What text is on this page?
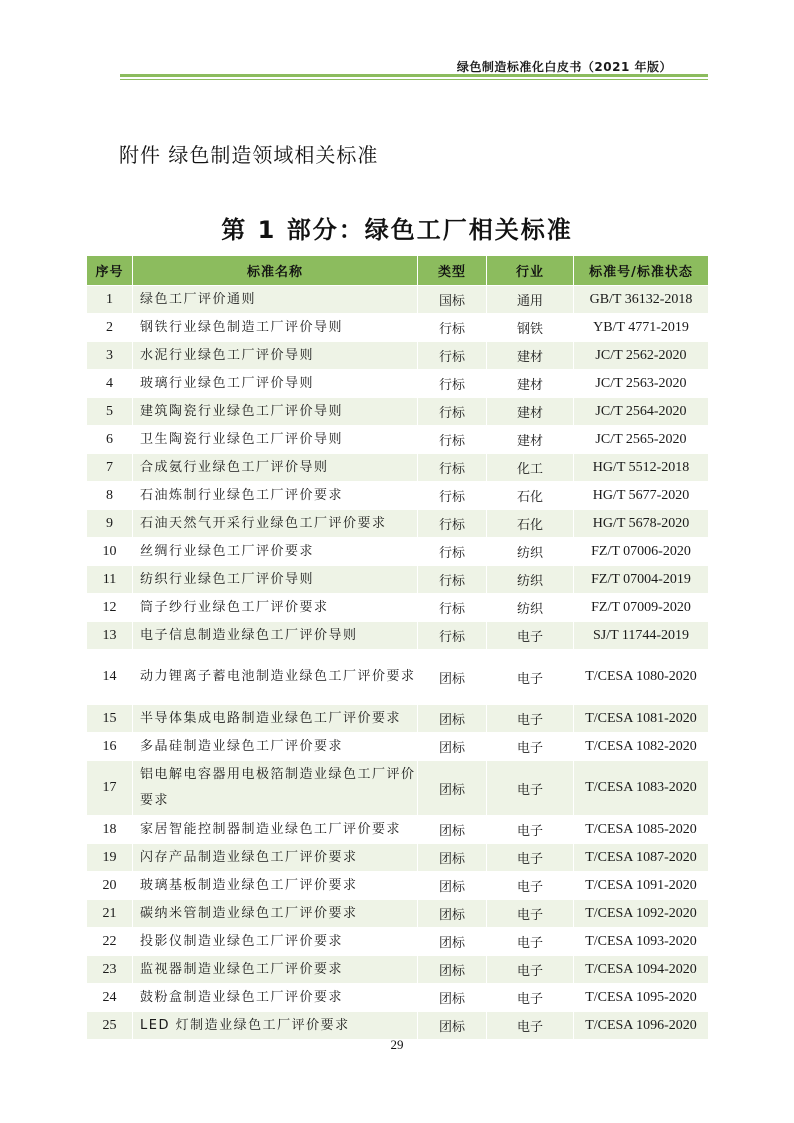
绿色制造标准化白皮书（2021 年版）
附件 绿色制造领域相关标准
第 1 部分：绿色工厂相关标准
序号	标准名称	类型	行业	标准号/标准状态
1	绿色工厂评价通则	国标	通用	GB/T 36132-2018
2	钢铁行业绿色制造工厂评价导则	行标	钢铁	YB/T 4771-2019
3	水泥行业绿色工厂评价导则	行标	建材	JC/T 2562-2020
4	玻璃行业绿色工厂评价导则	行标	建材	JC/T 2563-2020
5	建筑陶瓷行业绿色工厂评价导则	行标	建材	JC/T 2564-2020
6	卫生陶瓷行业绿色工厂评价导则	行标	建材	JC/T 2565-2020
7	合成氨行业绿色工厂评价导则	行标	化工	HG/T 5512-2018
8	石油炼制行业绿色工厂评价要求	行标	石化	HG/T 5677-2020
9	石油天然气开采行业绿色工厂评价要求	行标	石化	HG/T 5678-2020
10	丝绸行业绿色工厂评价要求	行标	纺织	FZ/T 07006-2020
11	纺织行业绿色工厂评价导则	行标	纺织	FZ/T 07004-2019
12	筒子纱行业绿色工厂评价要求	行标	纺织	FZ/T 07009-2020
13	电子信息制造业绿色工厂评价导则	行标	电子	SJ/T 11744-2019
14	动力锂离子蓄电池制造业绿色工厂评价要求	团标	电子	T/CESA 1080-2020
15	半导体集成电路制造业绿色工厂评价要求	团标	电子	T/CESA 1081-2020
16	多晶硅制造业绿色工厂评价要求	团标	电子	T/CESA 1082-2020
17	铝电解电容器用电极箔制造业绿色工厂评价要求	团标	电子	T/CESA 1083-2020
18	家居智能控制器制造业绿色工厂评价要求	团标	电子	T/CESA 1085-2020
19	闪存产品制造业绿色工厂评价要求	团标	电子	T/CESA 1087-2020
20	玻璃基板制造业绿色工厂评价要求	团标	电子	T/CESA 1091-2020
21	碳纳米管制造业绿色工厂评价要求	团标	电子	T/CESA 1092-2020
22	投影仪制造业绿色工厂评价要求	团标	电子	T/CESA 1093-2020
23	监视器制造业绿色工厂评价要求	团标	电子	T/CESA 1094-2020
24	鼓粉盒制造业绿色工厂评价要求	团标	电子	T/CESA 1095-2020
25	LED 灯制造业绿色工厂评价要求	团标	电子	T/CESA 1096-2020
29
